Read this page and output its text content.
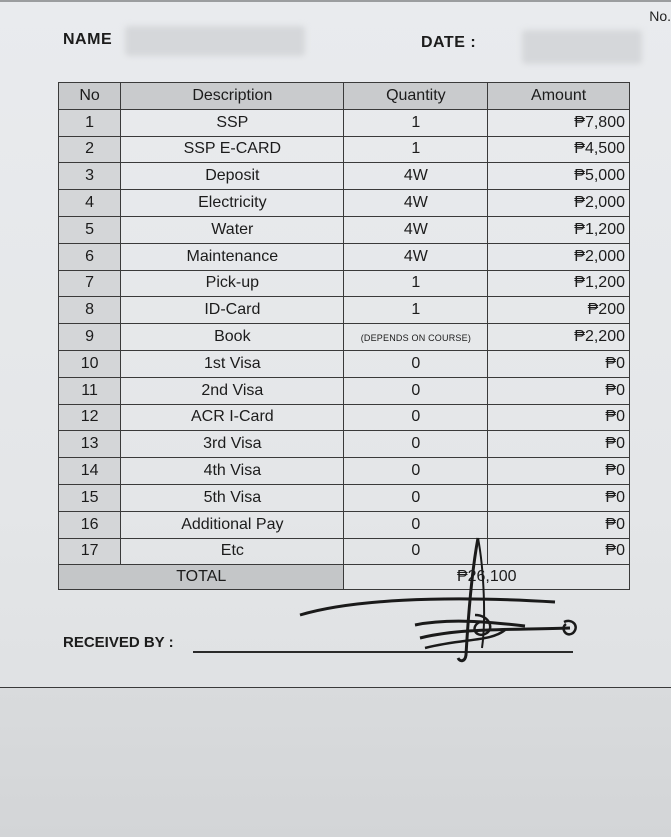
No.
NAME	DATE :
No	Description	Quantity	Amount
1	SSP	1	₱7,800
2	SSP E-CARD	1	₱4,500
3	Deposit	4W	₱5,000
4	Electricity	4W	₱2,000
5	Water	4W	₱1,200
6	Maintenance	4W	₱2,000
7	Pick-up	1	₱1,200
8	ID-Card	1	₱200
9	Book	(DEPENDS ON COURSE)	₱2,200
10	1st Visa	0	₱0
11	2nd Visa	0	₱0
12	ACR I-Card	0	₱0
13	3rd Visa	0	₱0
14	4th Visa	0	₱0
15	5th Visa	0	₱0
16	Additional Pay	0	₱0
17	Etc	0	₱0
TOTAL		₱26,100	
RECEIVED BY :
